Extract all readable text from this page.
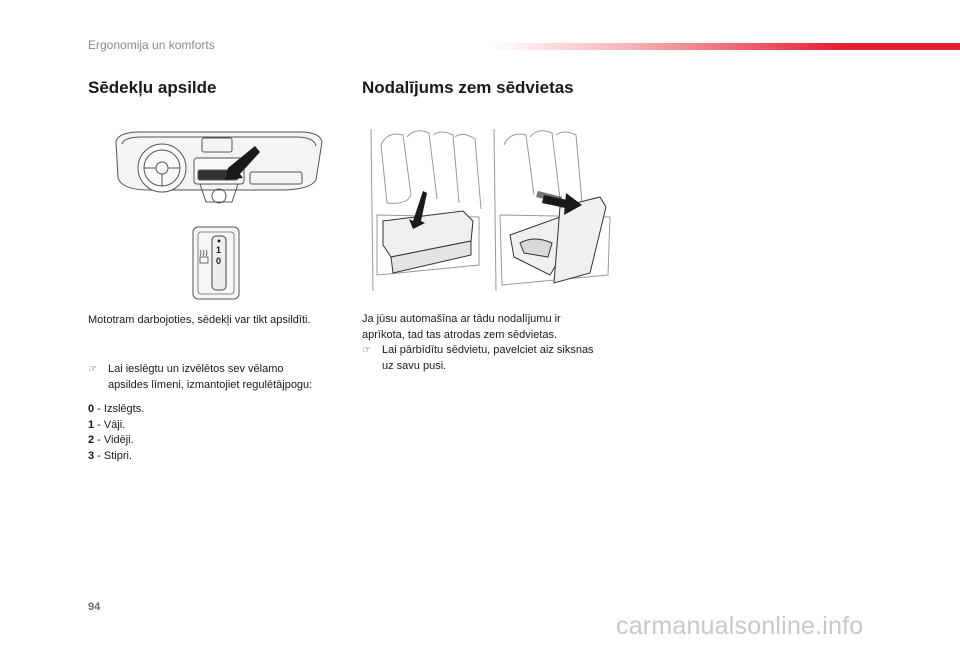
Ergonomija un komforts
Sēdekļu apsilde
1
0
Mototram darbojoties, sēdekļi var tikt apsildīti.
☞ Lai ieslēgtu un izvēlētos sev vēlamo
apsildes līmeni, izmantojiet regulētājpogu:
0 - Izslēgts.
1 - Vāji.
2 - Vidēji.
3 - Stipri.
Nodalījums zem sēdvietas
Ja jūsu automašīna ar tādu nodalījumu ir
aprīkota, tad tas atrodas zem sēdvietas.
☞ Lai pārbīdītu sēdvietu, pavelciet aiz siksnas
uz savu pusi.
94
carmanualsonline.info
